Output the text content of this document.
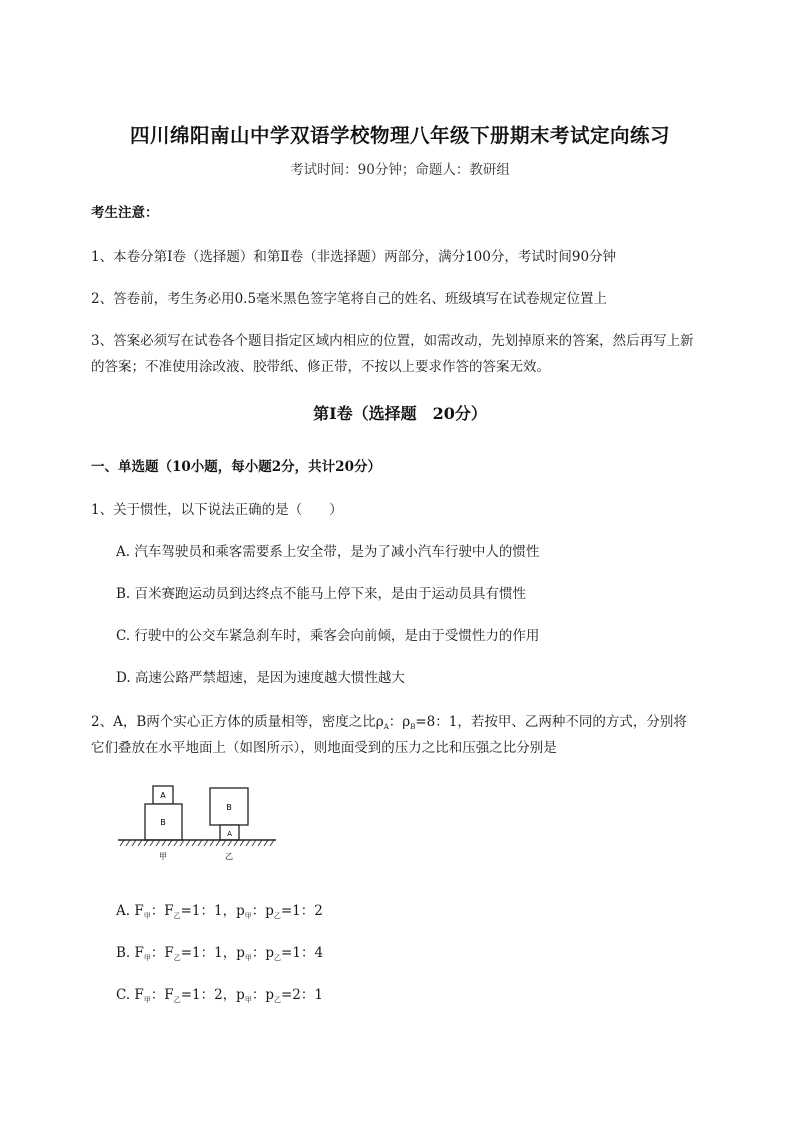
四川绵阳南山中学双语学校物理八年级下册期末考试定向练习
考试时间：90分钟；命题人：教研组
考生注意：
1、本卷分第I卷（选择题）和第Ⅱ卷（非选择题）两部分，满分100分，考试时间90分钟
2、答卷前，考生务必用0.5毫米黑色签字笔将自己的姓名、班级填写在试卷规定位置上
3、答案必须写在试卷各个题目指定区域内相应的位置，如需改动，先划掉原来的答案，然后再写上新
的答案；不准使用涂改液、胶带纸、修正带，不按以上要求作答的答案无效。
第I卷（选择题　20分）
一、单选题（10小题，每小题2分，共计20分）
1、关于惯性，以下说法正确的是（　　）
A. 汽车驾驶员和乘客需要系上安全带，是为了减小汽车行驶中人的惯性
B. 百米赛跑运动员到达终点不能马上停下来，是由于运动员具有惯性
C. 行驶中的公交车紧急刹车时，乘客会向前倾，是由于受惯性力的作用
D. 高速公路严禁超速，是因为速度越大惯性越大
2、A，B两个实心正方体的质量相等，密度之比$\rho_A$：$\rho_B=8$：1，若按甲、乙两种不同的方式，分别将
它们叠放在水平地面上（如图所示），则地面受到的压力之比和压强之比分别是
A
B
B
A
甲	乙
A. $F_甲$：$F_乙=1$：1，$p_甲$：$p_乙=1$：2
B. $F_甲$：$F_乙=1$：1，$p_甲$：$p_乙=1$：4
C. $F_甲$：$F_乙=1$：2，$p_甲$：$p_乙=2$：1
